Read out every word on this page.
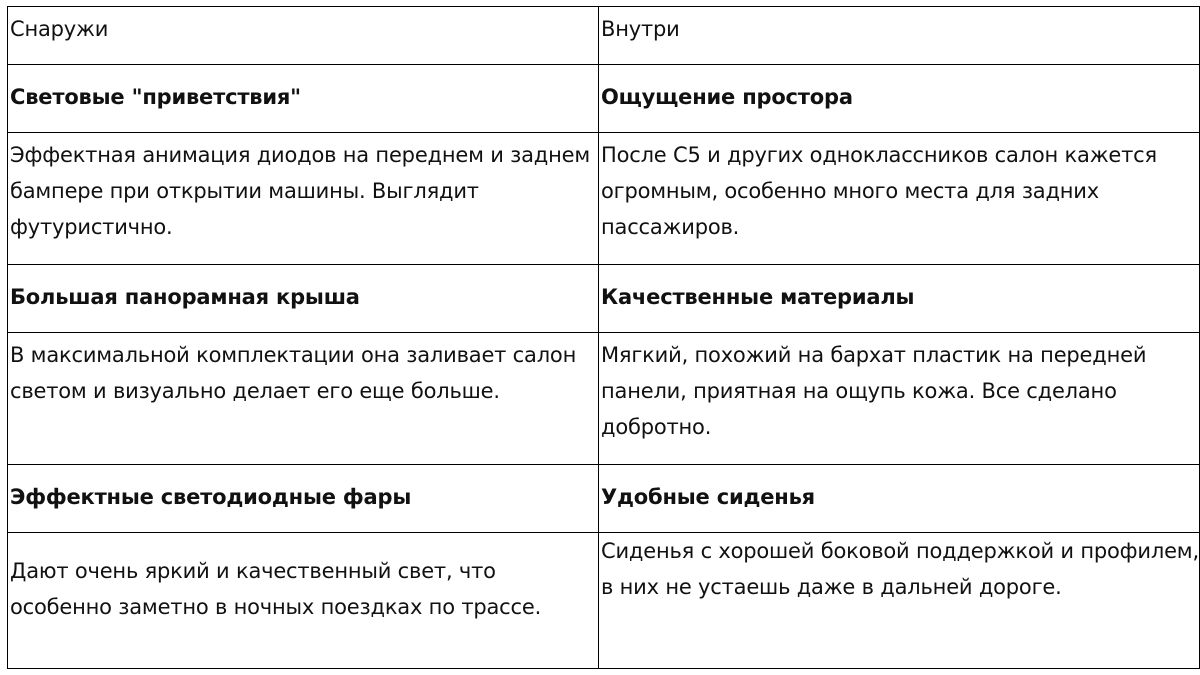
Снаружи	Внутри
Световые "приветствия"	Ощущение простора
Эффектная анимация диодов на переднем и заднем бампере при открытии машины. Выглядит футуристично.	После С5 и других одноклассников салон кажется огромным, особенно много места для задних пассажиров.
Большая панорамная крыша	Качественные материалы
В максимальной комплектации она заливает салон светом и визуально делает его еще больше.	Мягкий, похожий на бархат пластик на передней панели, приятная на ощупь кожа. Все сделано добротно.
Эффектные светодиодные фары	Удобные сиденья
Дают очень яркий и качественный свет, что особенно заметно в ночных поездках по трассе.	Сиденья с хорошей боковой поддержкой и профилем, в них не устаешь даже в дальней дороге.
